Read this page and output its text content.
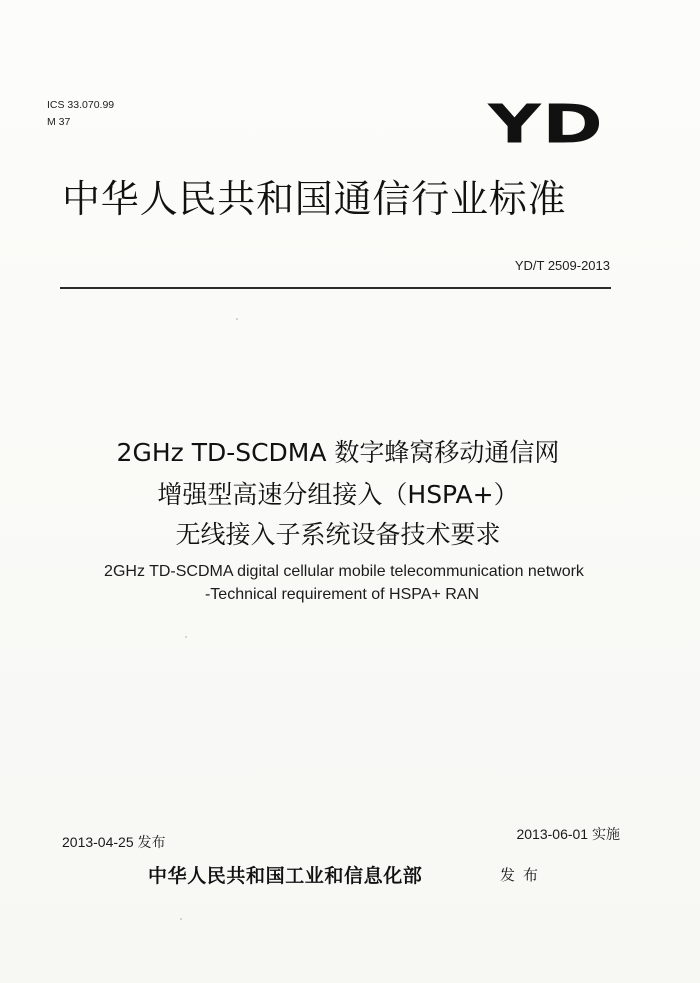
ICS 33.070.99
M 37	YD
中华人民共和国通信行业标准
YD/T 2509-2013
2GHz TD-SCDMA 数字蜂窝移动通信网
增强型高速分组接入（HSPA+）
无线接入子系统设备技术要求
2GHz TD-SCDMA digital cellular mobile telecommunication network
-Technical requirement of HSPA+ RAN
2013-04-25 发布	2013-06-01 实施
中华人民共和国工业和信息化部	发布
